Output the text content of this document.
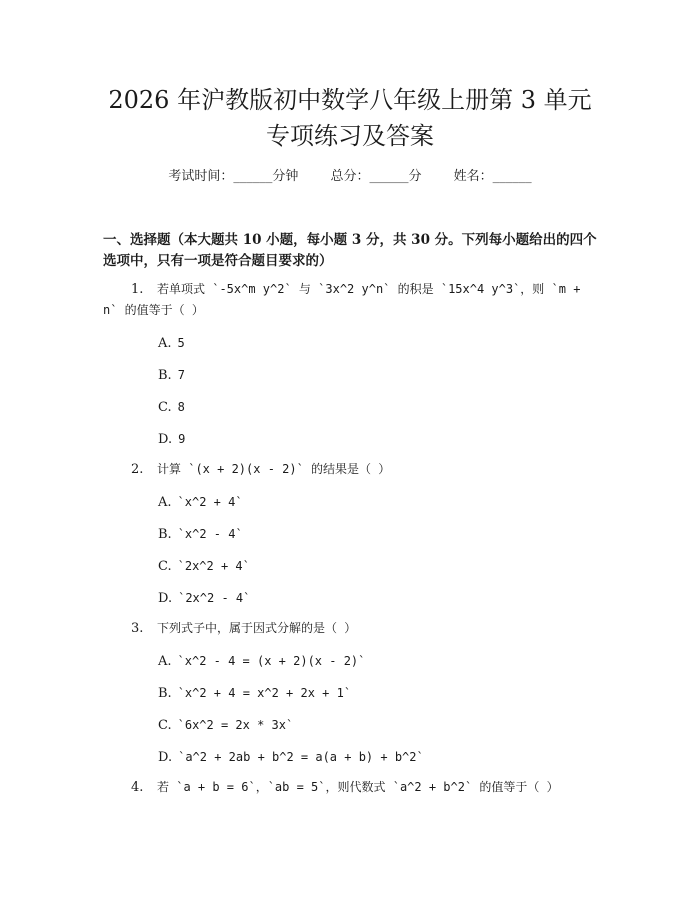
2026 年沪教版初中数学八年级上册第 3 单元
专项练习及答案
考试时间：______分钟 总分：______分 姓名：______

一、选择题（本大题共 10 小题，每小题 3 分，共 30 分。下列每小题给出的四个选项中，只有一项是符合题目要求的）

1. 若单项式 `-5x^m y^2` 与 `3x^2 y^n` 的积是 `15x^4 y^3`，则 `m + n` 的值等于（ ）
A. 5
B. 7
C. 8
D. 9
2. 计算 `(x + 2)(x - 2)` 的结果是（ ）
A. `x^2 + 4`
B. `x^2 - 4`
C. `2x^2 + 4`
D. `2x^2 - 4`
3. 下列式子中，属于因式分解的是（ ）
A. `x^2 - 4 = (x + 2)(x - 2)`
B. `x^2 + 4 = x^2 + 2x + 1`
C. `6x^2 = 2x * 3x`
D. `a^2 + 2ab + b^2 = a(a + b) + b^2`
4. 若 `a + b = 6`，`ab = 5`，则代数式 `a^2 + b^2` 的值等于（ ）
